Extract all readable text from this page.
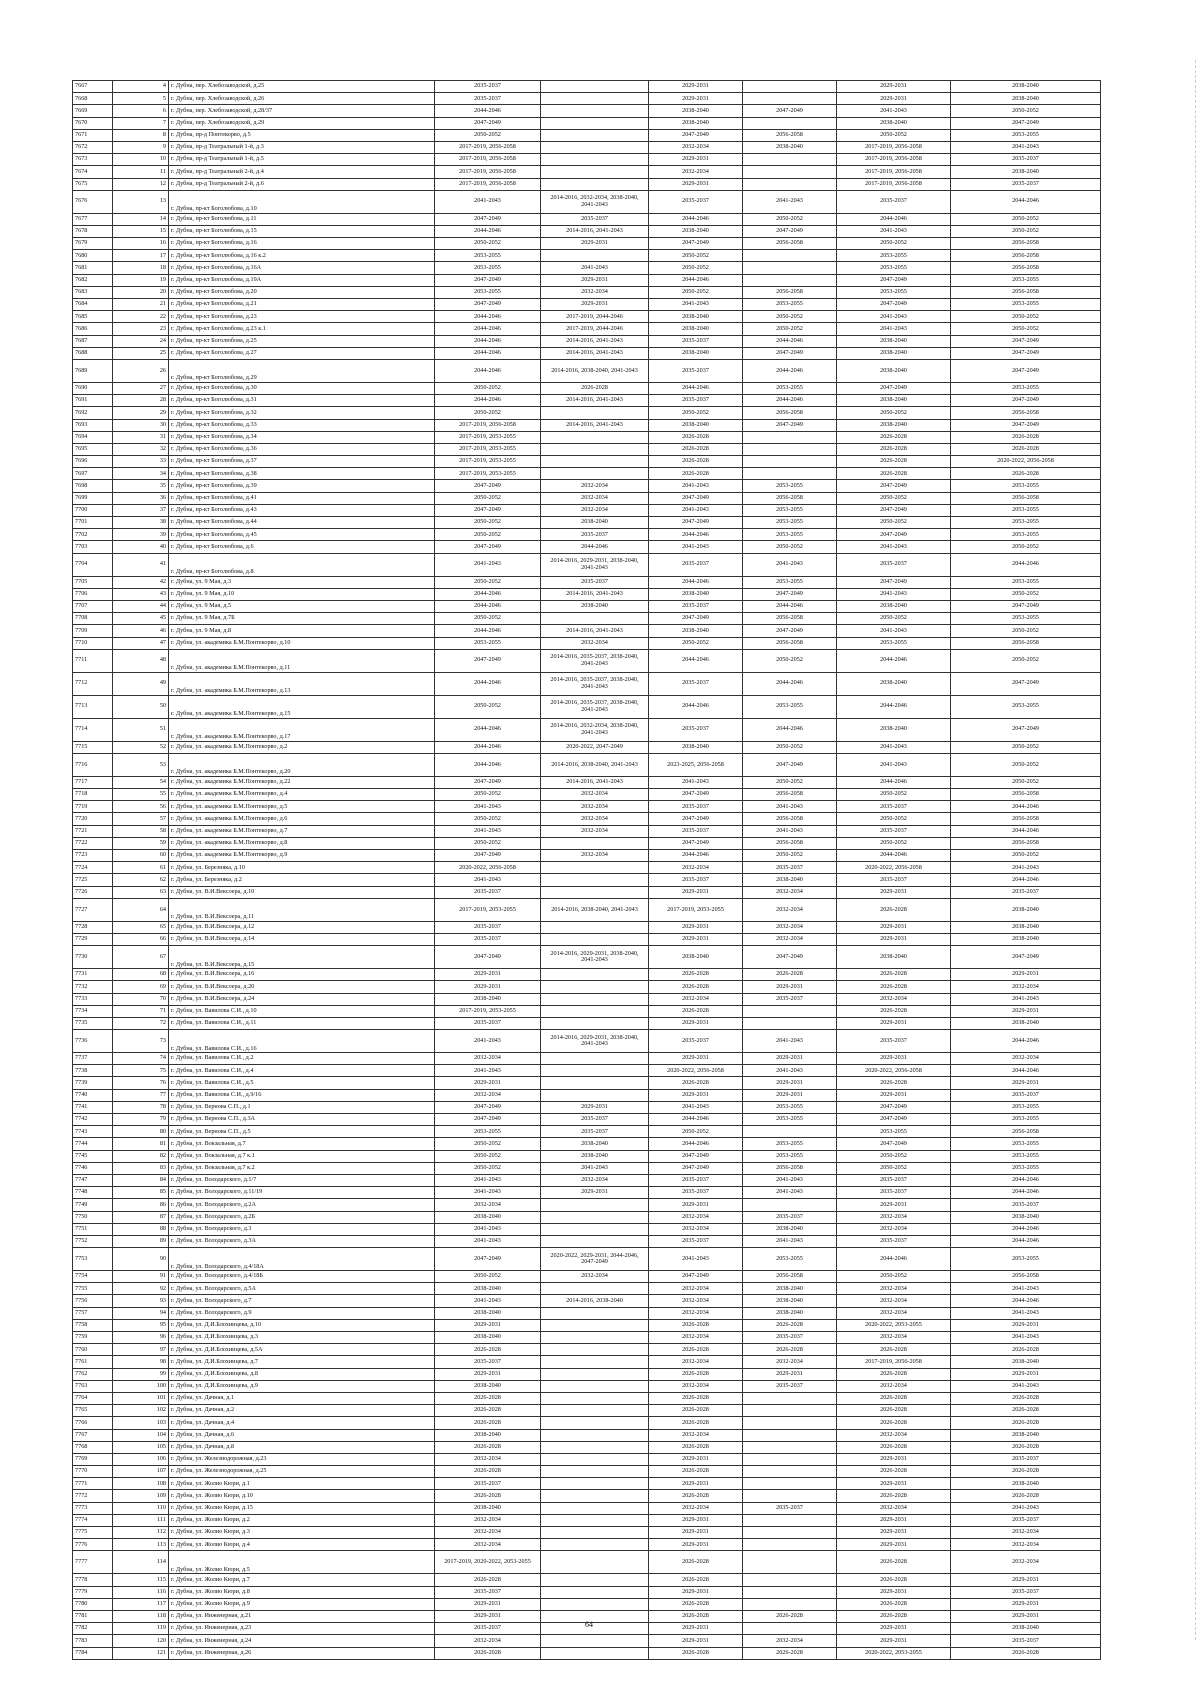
7667	4	г. Дубна, пер. Хлебозаводской, д.25	2035-2037		2029-2031		2029-2031	2038-2040
7668	5	г. Дубна, пер. Хлебозаводской, д.26	2035-2037		2029-2031		2029-2031	2038-2040
7669	6	г. Дубна, пер. Хлебозаводской, д.28/37	2044-2046		2038-2040	2047-2049	2041-2043	2050-2052
7670	7	г. Дубна, пер. Хлебозаводской, д.29	2047-2049		2038-2040		2038-2040	2047-2049
7671	8	г. Дубна, пр-д Понтекорво, д.5	2050-2052		2047-2049	2056-2058	2050-2052	2053-2055
7672	9	г. Дубна, пр-д Театральный 1-й, д.3	2017-2019, 2056-2058		2032-2034	2038-2040	2017-2019, 2056-2058	2041-2043
7673	10	г. Дубна, пр-д Театральный 1-й, д.5	2017-2019, 2056-2058		2029-2031		2017-2019, 2056-2058	2035-2037
7674	11	г. Дубна, пр-д Театральный 2-й, д.4	2017-2019, 2056-2058		2032-2034		2017-2019, 2056-2058	2038-2040
7675	12	г. Дубна, пр-д Театральный 2-й, д.6	2017-2019, 2056-2058		2029-2031		2017-2019, 2056-2058	2035-2037
7676	13	г. Дубна, пр-кт Боголюбова, д.10	2041-2043	2014-2016, 2032-2034, 2038-2040, 2041-2043	2035-2037	2041-2043	2035-2037	2044-2046
7677	14	г. Дубна, пр-кт Боголюбова, д.11	2047-2049	2035-2037	2044-2046	2050-2052	2044-2046	2050-2052
7678	15	г. Дубна, пр-кт Боголюбова, д.15	2044-2046	2014-2016, 2041-2043	2038-2040	2047-2049	2041-2043	2050-2052
7679	16	г. Дубна, пр-кт Боголюбова, д.16	2050-2052	2029-2031	2047-2049	2056-2058	2050-2052	2056-2058
7680	17	г. Дубна, пр-кт Боголюбова, д.16 к.2	2053-2055		2050-2052		2053-2055	2056-2058
7681	18	г. Дубна, пр-кт Боголюбова, д.16А	2053-2055	2041-2043	2050-2052		2053-2055	2056-2058
7682	19	г. Дубна, пр-кт Боголюбова, д.19А	2047-2049	2029-2031	2044-2046		2047-2049	2053-2055
7683	20	г. Дубна, пр-кт Боголюбова, д.20	2053-2055	2032-2034	2050-2052	2056-2058	2053-2055	2056-2058
7684	21	г. Дубна, пр-кт Боголюбова, д.21	2047-2049	2029-2031	2041-2043	2053-2055	2047-2049	2053-2055
7685	22	г. Дубна, пр-кт Боголюбова, д.23	2044-2046	2017-2019, 2044-2046	2038-2040	2050-2052	2041-2043	2050-2052
7686	23	г. Дубна, пр-кт Боголюбова, д.23 к.1	2044-2046	2017-2019, 2044-2046	2038-2040	2050-2052	2041-2043	2050-2052
7687	24	г. Дубна, пр-кт Боголюбова, д.25	2044-2046	2014-2016, 2041-2043	2035-2037	2044-2046	2038-2040	2047-2049
7688	25	г. Дубна, пр-кт Боголюбова, д.27	2044-2046	2014-2016, 2041-2043	2038-2040	2047-2049	2038-2040	2047-2049
7689	26	г. Дубна, пр-кт Боголюбова, д.29	2044-2046	2014-2016, 2038-2040, 2041-2043	2035-2037	2044-2046	2038-2040	2047-2049
7690	27	г. Дубна, пр-кт Боголюбова, д.30	2050-2052	2026-2028	2044-2046	2053-2055	2047-2049	2053-2055
7691	28	г. Дубна, пр-кт Боголюбова, д.31	2044-2046	2014-2016, 2041-2043	2035-2037	2044-2046	2038-2040	2047-2049
7692	29	г. Дубна, пр-кт Боголюбова, д.32	2050-2052		2050-2052	2056-2058	2050-2052	2056-2058
7693	30	г. Дубна, пр-кт Боголюбова, д.33	2017-2019, 2056-2058	2014-2016, 2041-2043	2038-2040	2047-2049	2038-2040	2047-2049
7694	31	г. Дубна, пр-кт Боголюбова, д.34	2017-2019, 2053-2055		2026-2028		2026-2028	2026-2028
7695	32	г. Дубна, пр-кт Боголюбова, д.36	2017-2019, 2053-2055		2026-2028		2026-2028	2026-2028
7696	33	г. Дубна, пр-кт Боголюбова, д.37	2017-2019, 2053-2055		2026-2028		2026-2028	2020-2022, 2056-2058
7697	34	г. Дубна, пр-кт Боголюбова, д.38	2017-2019, 2053-2055		2026-2028		2026-2028	2026-2028
7698	35	г. Дубна, пр-кт Боголюбова, д.39	2047-2049	2032-2034	2041-2043	2053-2055	2047-2049	2053-2055
7699	36	г. Дубна, пр-кт Боголюбова, д.41	2050-2052	2032-2034	2047-2049	2056-2058	2050-2052	2056-2058
7700	37	г. Дубна, пр-кт Боголюбова, д.43	2047-2049	2032-2034	2041-2043	2053-2055	2047-2049	2053-2055
7701	38	г. Дубна, пр-кт Боголюбова, д.44	2050-2052	2038-2040	2047-2049	2053-2055	2050-2052	2053-2055
7702	39	г. Дубна, пр-кт Боголюбова, д.45	2050-2052	2035-2037	2044-2046	2053-2055	2047-2049	2053-2055
7703	40	г. Дубна, пр-кт Боголюбова, д.6	2047-2049	2044-2046	2041-2043	2050-2052	2041-2043	2050-2052
7704	41	г. Дубна, пр-кт Боголюбова, д.8	2041-2043	2014-2016, 2029-2031, 2038-2040, 2041-2043	2035-2037	2041-2043	2035-2037	2044-2046
7705	42	г. Дубна, ул. 9 Мая, д.3	2050-2052	2035-2037	2044-2046	2053-2055	2047-2049	2053-2055
7706	43	г. Дубна, ул. 9 Мая, д.10	2044-2046	2014-2016, 2041-2043	2038-2040	2047-2049	2041-2043	2050-2052
7707	44	г. Дубна, ул. 9 Мая, д.5	2044-2046	2038-2040	2035-2037	2044-2046	2038-2040	2047-2049
7708	45	г. Дубна, ул. 9 Мая, д.7Б	2050-2052		2047-2049	2056-2058	2050-2052	2053-2055
7709	46	г. Дубна, ул. 9 Мая, д.8	2044-2046	2014-2016, 2041-2043	2038-2040	2047-2049	2041-2043	2050-2052
7710	47	г. Дубна, ул. академика Б.М.Понтекорво, д.10	2053-2055	2032-2034	2050-2052	2056-2058	2053-2055	2056-2058
7711	48	г. Дубна, ул. академика Б.М.Понтекорво, д.11	2047-2049	2014-2016, 2035-2037, 2038-2040, 2041-2043	2044-2046	2050-2052	2044-2046	2050-2052
7712	49	г. Дубна, ул. академика Б.М.Понтекорво, д.13	2044-2046	2014-2016, 2035-2037, 2038-2040, 2041-2043	2035-2037	2044-2046	2038-2040	2047-2049
7713	50	г. Дубна, ул. академика Б.М.Понтекорво, д.15	2050-2052	2014-2016, 2035-2037, 2038-2040, 2041-2043	2044-2046	2053-2055	2044-2046	2053-2055
7714	51	г. Дубна, ул. академика Б.М.Понтекорво, д.17	2044-2046	2014-2016, 2032-2034, 2038-2040, 2041-2043	2035-2037	2044-2046	2038-2040	2047-2049
7715	52	г. Дубна, ул. академика Б.М.Понтекорво, д.2	2044-2046	2020-2022, 2047-2049	2038-2040	2050-2052	2041-2043	2050-2052
7716	53	г. Дубна, ул. академика Б.М.Понтекорво, д.20	2044-2046	2014-2016, 2038-2040, 2041-2043	2023-2025, 2056-2058	2047-2049	2041-2043	2050-2052
7717	54	г. Дубна, ул. академика Б.М.Понтекорво, д.22	2047-2049	2014-2016, 2041-2043	2041-2043	2050-2052	2044-2046	2050-2052
7718	55	г. Дубна, ул. академика Б.М.Понтекорво, д.4	2050-2052	2032-2034	2047-2049	2056-2058	2050-2052	2056-2058
7719	56	г. Дубна, ул. академика Б.М.Понтекорво, д.5	2041-2043	2032-2034	2035-2037	2041-2043	2035-2037	2044-2046
7720	57	г. Дубна, ул. академика Б.М.Понтекорво, д.6	2050-2052	2032-2034	2047-2049	2056-2058	2050-2052	2056-2058
7721	58	г. Дубна, ул. академика Б.М.Понтекорво, д.7	2041-2043	2032-2034	2035-2037	2041-2043	2035-2037	2044-2046
7722	59	г. Дубна, ул. академика Б.М.Понтекорво, д.8	2050-2052		2047-2049	2056-2058	2050-2052	2056-2058
7723	60	г. Дубна, ул. академика Б.М.Понтекорво, д.9	2047-2049	2032-2034	2044-2046	2050-2052	2044-2046	2050-2052
7724	61	г. Дубна, ул. Березняка, д.10	2020-2022, 2056-2058		2032-2034	2035-2037	2020-2022, 2056-2058	2041-2043
7725	62	г. Дубна, ул. Березняка, д.2	2041-2043		2035-2037	2038-2040	2035-2037	2044-2046
7726	63	г. Дубна, ул. В.И.Векслера, д.10	2035-2037		2029-2031	2032-2034	2029-2031	2035-2037
7727	64	г. Дубна, ул. В.И.Векслера, д.11	2017-2019, 2053-2055	2014-2016, 2038-2040, 2041-2043	2017-2019, 2053-2055	2032-2034	2026-2028	2038-2040
7728	65	г. Дубна, ул. В.И.Векслера, д.12	2035-2037		2029-2031	2032-2034	2029-2031	2038-2040
7729	66	г. Дубна, ул. В.И.Векслера, д.14	2035-2037		2029-2031	2032-2034	2029-2031	2038-2040
7730	67	г. Дубна, ул. В.И.Векслера, д.15	2047-2049	2014-2016, 2029-2031, 2038-2040, 2041-2043	2038-2040	2047-2049	2038-2040	2047-2049
7731	68	г. Дубна, ул. В.И.Векслера, д.16	2029-2031		2026-2028	2026-2028	2026-2028	2029-2031
7732	69	г. Дубна, ул. В.И.Векслера, д.20	2029-2031		2026-2028	2029-2031	2026-2028	2032-2034
7733	70	г. Дубна, ул. В.И.Векслера, д.24	2038-2040		2032-2034	2035-2037	2032-2034	2041-2043
7734	71	г. Дубна, ул. Вавилова С.И., д.10	2017-2019, 2053-2055		2026-2028		2026-2028	2029-2031
7735	72	г. Дубна, ул. Вавилова С.И., д.11	2035-2037		2029-2031		2029-2031	2038-2040
7736	73	г. Дубна, ул. Вавилова С.И., д.16	2041-2043	2014-2016, 2029-2031, 2038-2040, 2041-2043	2035-2037	2041-2043	2035-2037	2044-2046
7737	74	г. Дубна, ул. Вавилова С.И., д.2	2032-2034		2029-2031	2029-2031	2029-2031	2032-2034
7738	75	г. Дубна, ул. Вавилова С.И., д.4	2041-2043		2020-2022, 2056-2058	2041-2043	2020-2022, 2056-2058	2044-2046
7739	76	г. Дубна, ул. Вавилова С.И., д.5	2029-2031		2026-2028	2029-2031	2026-2028	2029-2031
7740	77	г. Дубна, ул. Вавилова С.И., д.9/16	2032-2034		2029-2031	2029-2031	2029-2031	2035-2037
7741	78	г. Дубна, ул. Вернова С.П., д.1	2047-2049	2029-2031	2041-2043	2053-2055	2047-2049	2053-2055
7742	79	г. Дубна, ул. Вернова С.П., д.3А	2047-2049	2035-2037	2044-2046	2053-2055	2047-2049	2053-2055
7743	80	г. Дубна, ул. Вернова С.П., д.5	2053-2055	2035-2037	2050-2052		2053-2055	2056-2058
7744	81	г. Дубна, ул. Вокзальная, д.7	2050-2052	2038-2040	2044-2046	2053-2055	2047-2049	2053-2055
7745	82	г. Дубна, ул. Вокзальная, д.7 к.1	2050-2052	2038-2040	2047-2049	2053-2055	2050-2052	2053-2055
7746	83	г. Дубна, ул. Вокзальная, д.7 к.2	2050-2052	2041-2043	2047-2049	2056-2058	2050-2052	2053-2055
7747	84	г. Дубна, ул. Володарского, д.1/7	2041-2043	2032-2034	2035-2037	2041-2043	2035-2037	2044-2046
7748	85	г. Дубна, ул. Володарского, д.11/19	2041-2043	2029-2031	2035-2037	2041-2043	2035-2037	2044-2046
7749	86	г. Дубна, ул. Володарского, д.2А	2032-2034		2029-2031		2029-2031	2035-2037
7750	87	г. Дубна, ул. Володарского, д.2Б	2038-2040		2032-2034	2035-2037	2032-2034	2038-2040
7751	88	г. Дубна, ул. Володарского, д.3	2041-2043		2032-2034	2038-2040	2032-2034	2044-2046
7752	89	г. Дубна, ул. Володарского, д.3А	2041-2043		2035-2037	2041-2043	2035-2037	2044-2046
7753	90	г. Дубна, ул. Володарского, д.4/18А	2047-2049	2020-2022, 2029-2031, 2044-2046, 2047-2049	2041-2043	2053-2055	2044-2046	2053-2055
7754	91	г. Дубна, ул. Володарского, д.4/18Б	2050-2052	2032-2034	2047-2049	2056-2058	2050-2052	2056-2058
7755	92	г. Дубна, ул. Володарского, д.5А	2038-2040		2032-2034	2038-2040	2032-2034	2041-2043
7756	93	г. Дубна, ул. Володарского, д.7	2041-2043	2014-2016, 2038-2040	2032-2034	2038-2040	2032-2034	2044-2046
7757	94	г. Дубна, ул. Володарского, д.9	2038-2040		2032-2034	2038-2040	2032-2034	2041-2043
7758	95	г. Дубна, ул. Д.И.Блохинцева, д.10	2029-2031		2026-2028	2026-2028	2020-2022, 2053-2055	2029-2031
7759	96	г. Дубна, ул. Д.И.Блохинцева, д.3	2038-2040		2032-2034	2035-2037	2032-2034	2041-2043
7760	97	г. Дубна, ул. Д.И.Блохинцева, д.5А	2026-2028		2026-2028	2026-2028	2026-2028	2026-2028
7761	98	г. Дубна, ул. Д.И.Блохинцева, д.7	2035-2037		2032-2034	2032-2034	2017-2019, 2056-2058	2038-2040
7762	99	г. Дубна, ул. Д.И.Блохинцева, д.8	2029-2031		2026-2028	2029-2031	2026-2028	2029-2031
7763	100	г. Дубна, ул. Д.И.Блохинцева, д.9	2038-2040		2032-2034	2035-2037	2032-2034	2041-2043
7764	101	г. Дубна, ул. Дачная, д.1	2026-2028		2026-2028		2026-2028	2026-2028
7765	102	г. Дубна, ул. Дачная, д.2	2026-2028		2026-2028		2026-2028	2026-2028
7766	103	г. Дубна, ул. Дачная, д.4	2026-2028		2026-2028		2026-2028	2026-2028
7767	104	г. Дубна, ул. Дачная, д.6	2038-2040		2032-2034		2032-2034	2038-2040
7768	105	г. Дубна, ул. Дачная, д.8	2026-2028		2026-2028		2026-2028	2026-2028
7769	106	г. Дубна, ул. Железнодорожная, д.23	2032-2034		2029-2031		2029-2031	2035-2037
7770	107	г. Дубна, ул. Железнодорожная, д.25	2026-2028		2026-2028		2026-2028	2026-2028
7771	108	г. Дубна, ул. Жолио Кюри, д.1	2035-2037		2029-2031		2029-2031	2038-2040
7772	109	г. Дубна, ул. Жолио Кюри, д.10	2026-2028		2026-2028		2026-2028	2026-2028
7773	110	г. Дубна, ул. Жолио Кюри, д.15	2038-2040		2032-2034	2035-2037	2032-2034	2041-2043
7774	111	г. Дубна, ул. Жолио Кюри, д.2	2032-2034		2029-2031		2029-2031	2035-2037
7775	112	г. Дубна, ул. Жолио Кюри, д.3	2032-2034		2029-2031		2029-2031	2032-2034
7776	113	г. Дубна, ул. Жолио Кюри, д.4	2032-2034		2029-2031		2029-2031	2032-2034
7777	114	г. Дубна, ул. Жолио Кюри, д.5	2017-2019, 2020-2022, 2053-2055		2026-2028		2026-2028	2032-2034
7778	115	г. Дубна, ул. Жолио Кюри, д.7	2026-2028		2026-2028		2026-2028	2029-2031
7779	116	г. Дубна, ул. Жолио Кюри, д.8	2035-2037		2029-2031		2029-2031	2035-2037
7780	117	г. Дубна, ул. Жолио Кюри, д.9	2029-2031		2026-2028		2026-2028	2029-2031
7781	118	г. Дубна, ул. Инженерная, д.21	2029-2031		2026-2028	2026-2028	2026-2028	2029-2031
7782	119	г. Дубна, ул. Инженерная, д.23	2035-2037		2029-2031		2029-2031	2038-2040
7783	120	г. Дубна, ул. Инженерная, д.24	2032-2034		2029-2031	2032-2034	2029-2031	2035-2037
7784	121	г. Дубна, ул. Инженерная, д.26	2026-2028		2026-2028	2026-2028	2020-2022, 2053-2055	2026-2028
64
